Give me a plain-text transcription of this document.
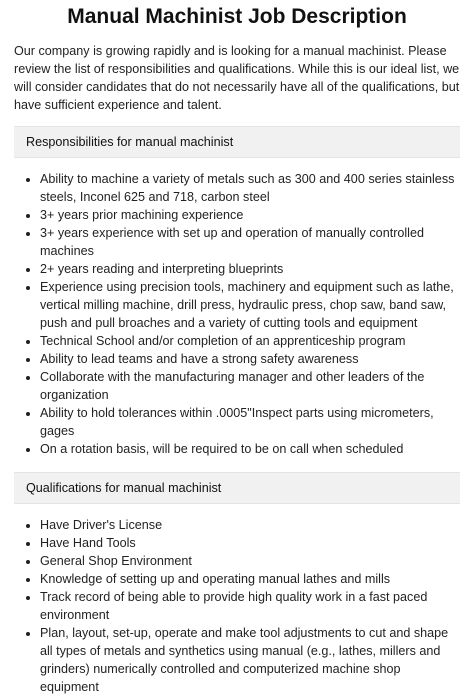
Manual Machinist Job Description

Our company is growing rapidly and is looking for a manual machinist. Please review the list of responsibilities and qualifications. While this is our ideal list, we will consider candidates that do not necessarily have all of the qualifications, but have sufficient experience and talent.

Responsibilities for manual machinist
• Ability to machine a variety of metals such as 300 and 400 series stainless steels, Inconel 625 and 718, carbon steel
• 3+ years prior machining experience
• 3+ years experience with set up and operation of manually controlled machines
• 2+ years reading and interpreting blueprints
• Experience using precision tools, machinery and equipment such as lathe, vertical milling machine, drill press, hydraulic press, chop saw, band saw, push and pull broaches and a variety of cutting tools and equipment
• Technical School and/or completion of an apprenticeship program
• Ability to lead teams and have a strong safety awareness
• Collaborate with the manufacturing manager and other leaders of the organization
• Ability to hold tolerances within .0005"Inspect parts using micrometers, gages
• On a rotation basis, will be required to be on call when scheduled
Qualifications for manual machinist
• Have Driver's License
• Have Hand Tools
• General Shop Environment
• Knowledge of setting up and operating manual lathes and mills
• Track record of being able to provide high quality work in a fast paced environment
• Plan, layout, set-up, operate and make tool adjustments to cut and shape all types of metals and synthetics using manual (e.g., lathes, millers and grinders) numerically controlled and computerized machine shop equipment
